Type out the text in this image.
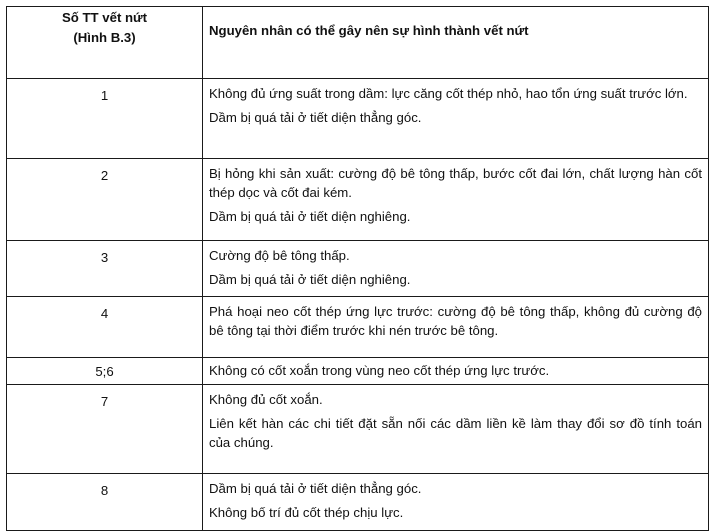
Số TT vết nứt
(Hình B.3)	Nguyên nhân có thể gây nên sự hình thành vết nứt
1	Không đủ ứng suất trong dầm: lực căng cốt thép nhỏ, hao tổn ứng suất trước lớn.

Dầm bị quá tải ở tiết diện thẳng góc.

2	Bị hỏng khi sản xuất: cường độ bê tông thấp, bước cốt đai lớn, chất lượng hàn cốt thép dọc và cốt đai kém.

Dầm bị quá tải ở tiết diện nghiêng.

3	Cường độ bê tông thấp.

Dầm bị quá tải ở tiết diện nghiêng.

4	Phá hoại neo cốt thép ứng lực trước: cường độ bê tông thấp, không đủ cường độ bê tông tại thời điểm trước khi nén trước bê tông.

5;6	Không có cốt xoắn trong vùng neo cốt thép ứng lực trước.

7	Không đủ cốt xoắn.

Liên kết hàn các chi tiết đặt sẵn nối các dầm liền kề làm thay đổi sơ đồ tính toán của chúng.

8	Dầm bị quá tải ở tiết diện thẳng góc.

Không bố trí đủ cốt thép chịu lực.
